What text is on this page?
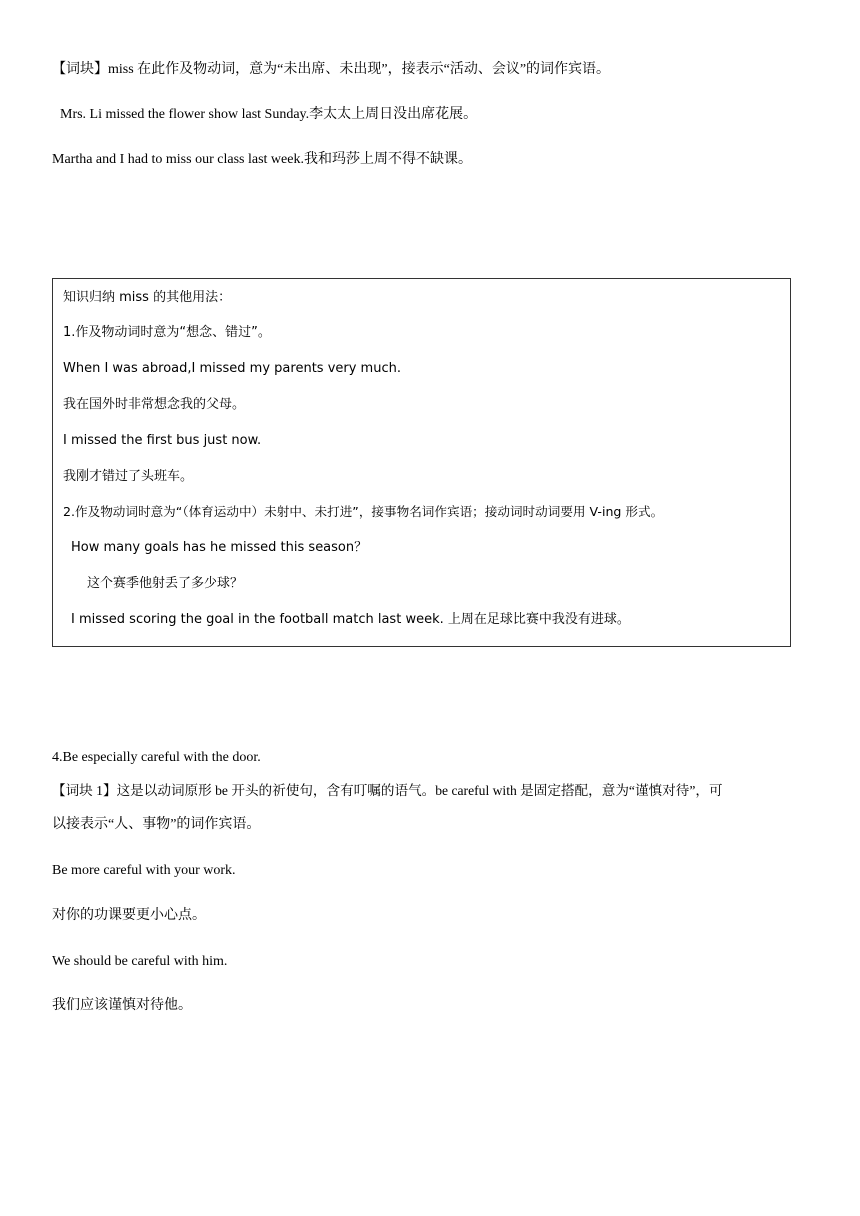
【词块】miss 在此作及物动词，意为“未出席、未出现”，接表示“活动、会议”的词作宾语。
Mrs. Li missed the flower show last Sunday.李太太上周日没出席花展。
Martha and I had to miss our class last week.我和玛莎上周不得不缺课。
知识归纳 miss 的其他用法：
1.作及物动词时意为“想念、错过”。
When I was abroad,I missed my parents very much.
我在国外时非常想念我的父母。
I missed the first bus just now.
我刚才错过了头班车。
2.作及物动词时意为“（体育运动中）未射中、未打进”，接事物名词作宾语；接动词时动词要用 V-ing 形式。
How many goals has he missed this season？
这个赛季他射丢了多少球？
I missed scoring the goal in the football match last week. 上周在足球比赛中我没有进球。
4.Be especially careful with the door.
【词块 1】这是以动词原形 be 开头的祈使句，含有叮嘱的语气。be careful with 是固定搭配，意为“谨慎对待”，可
以接表示“人、事物”的词作宾语。
Be more careful with your work.
对你的功课要更小心点。
We should be careful with him.
我们应该谨慎对待他。
